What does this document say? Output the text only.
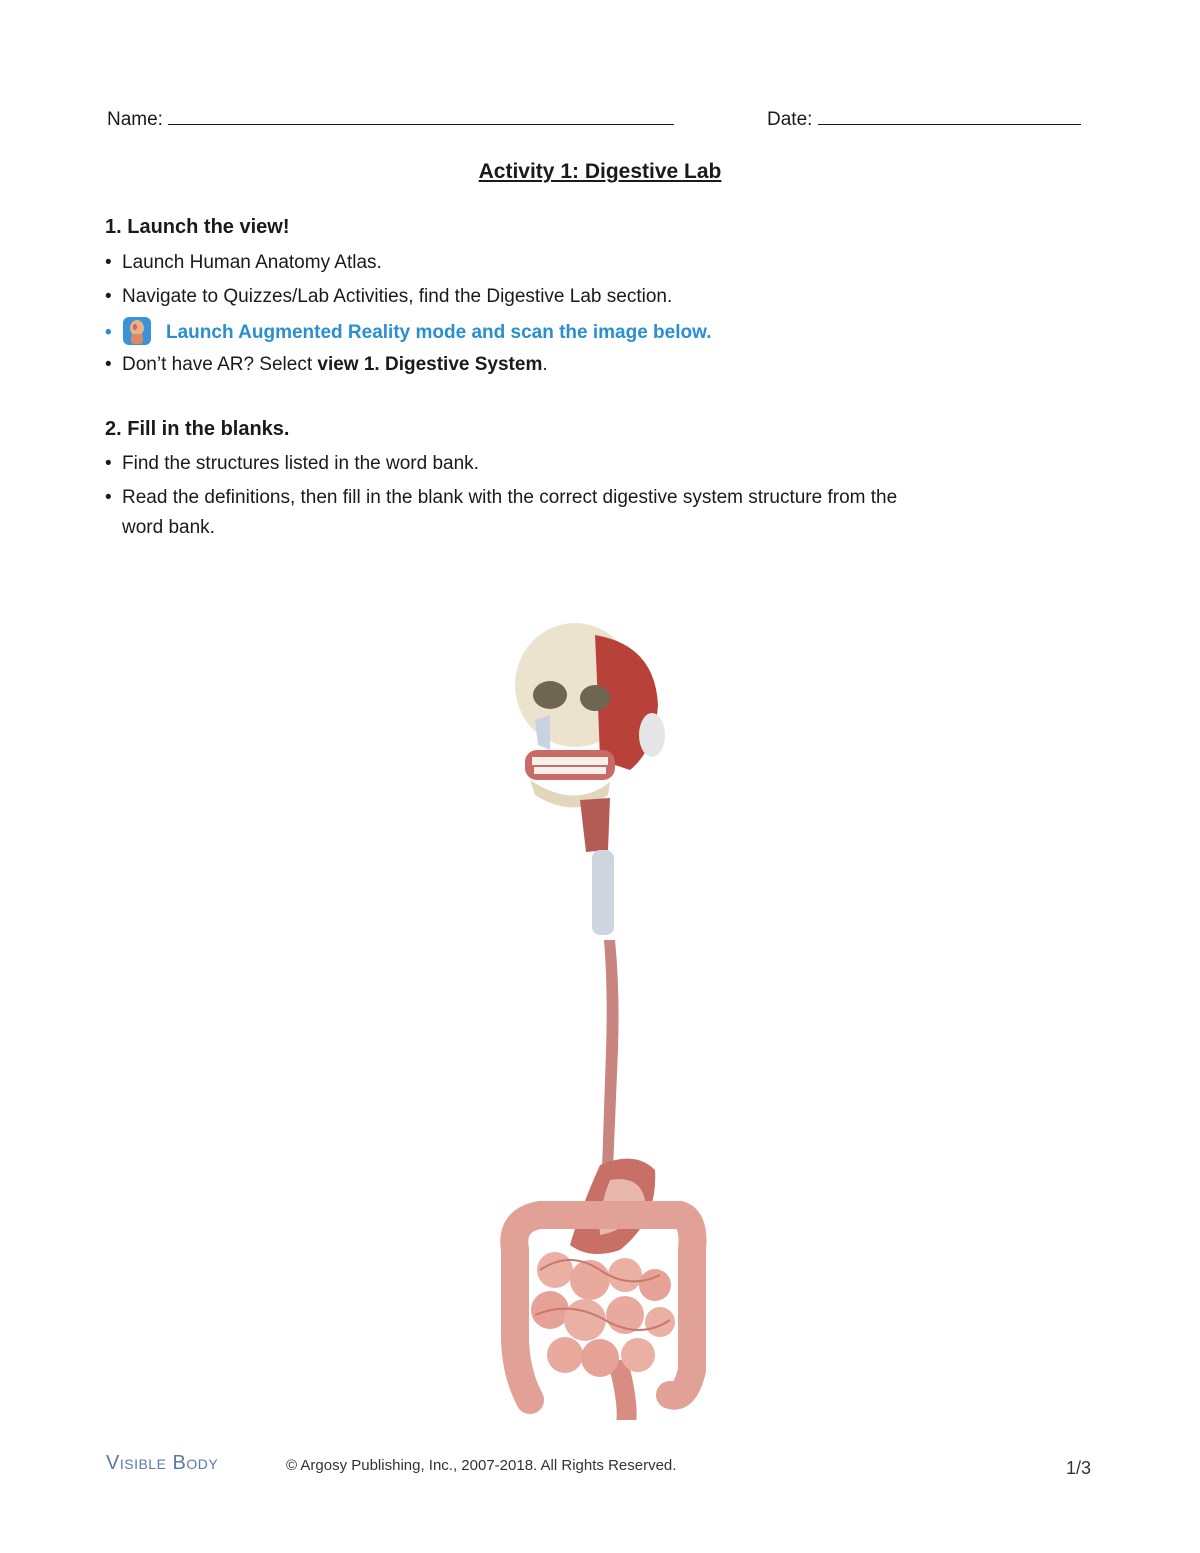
Name:	Date:
Activity 1: Digestive Lab
1. Launch the view!
• Launch Human Anatomy Atlas.
• Navigate to Quizzes/Lab Activities, find the Digestive Lab section.
•	Launch Augmented Reality mode and scan the image below.
• Don’t have AR? Select view 1. Digestive System.
2. Fill in the blanks.
• Find the structures listed in the word bank.
• Read the definitions, then fill in the blank with the correct digestive system structure from the
word bank.
Visible Body	© Argosy Publishing, Inc., 2007-2018. All Rights Reserved.	1/3
